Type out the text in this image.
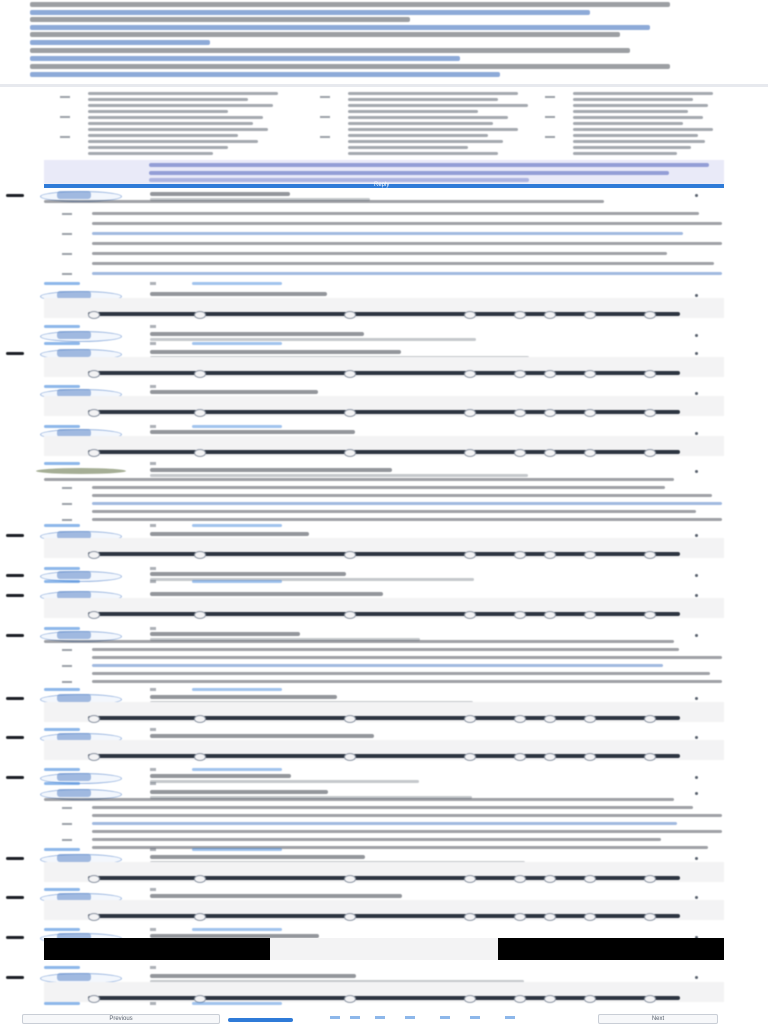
Reply
Previous	Next
